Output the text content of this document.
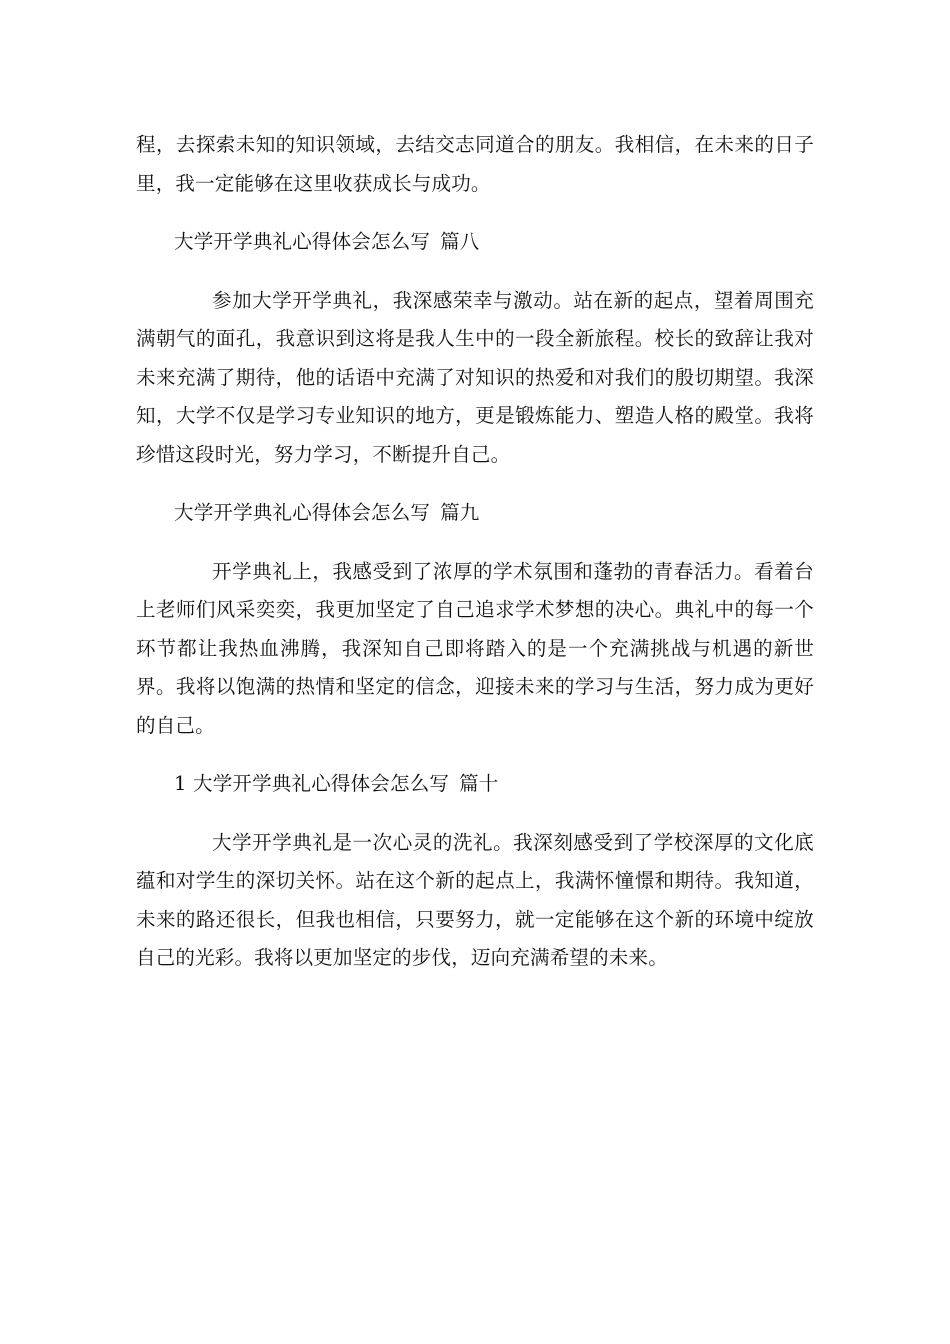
程，去探索未知的知识领域，去结交志同道合的朋友。我相信，在未来的日子里，我一定能够在这里收获成长与成功。

大学开学典礼心得体会怎么写 篇八

参加大学开学典礼，我深感荣幸与激动。站在新的起点，望着周围充满朝气的面孔，我意识到这将是我人生中的一段全新旅程。校长的致辞让我对未来充满了期待，他的话语中充满了对知识的热爱和对我们的殷切期望。我深知，大学不仅是学习专业知识的地方，更是锻炼能力、塑造人格的殿堂。我将珍惜这段时光，努力学习，不断提升自己。

大学开学典礼心得体会怎么写 篇九

开学典礼上，我感受到了浓厚的学术氛围和蓬勃的青春活力。看着台上老师们风采奕奕，我更加坚定了自己追求学术梦想的决心。典礼中的每一个环节都让我热血沸腾，我深知自己即将踏入的是一个充满挑战与机遇的新世界。我将以饱满的热情和坚定的信念，迎接未来的学习与生活，努力成为更好的自己。

1 大学开学典礼心得体会怎么写 篇十

大学开学典礼是一次心灵的洗礼。我深刻感受到了学校深厚的文化底蕴和对学生的深切关怀。站在这个新的起点上，我满怀憧憬和期待。我知道，未来的路还很长，但我也相信，只要努力，就一定能够在这个新的环境中绽放自己的光彩。我将以更加坚定的步伐，迈向充满希望的未来。
